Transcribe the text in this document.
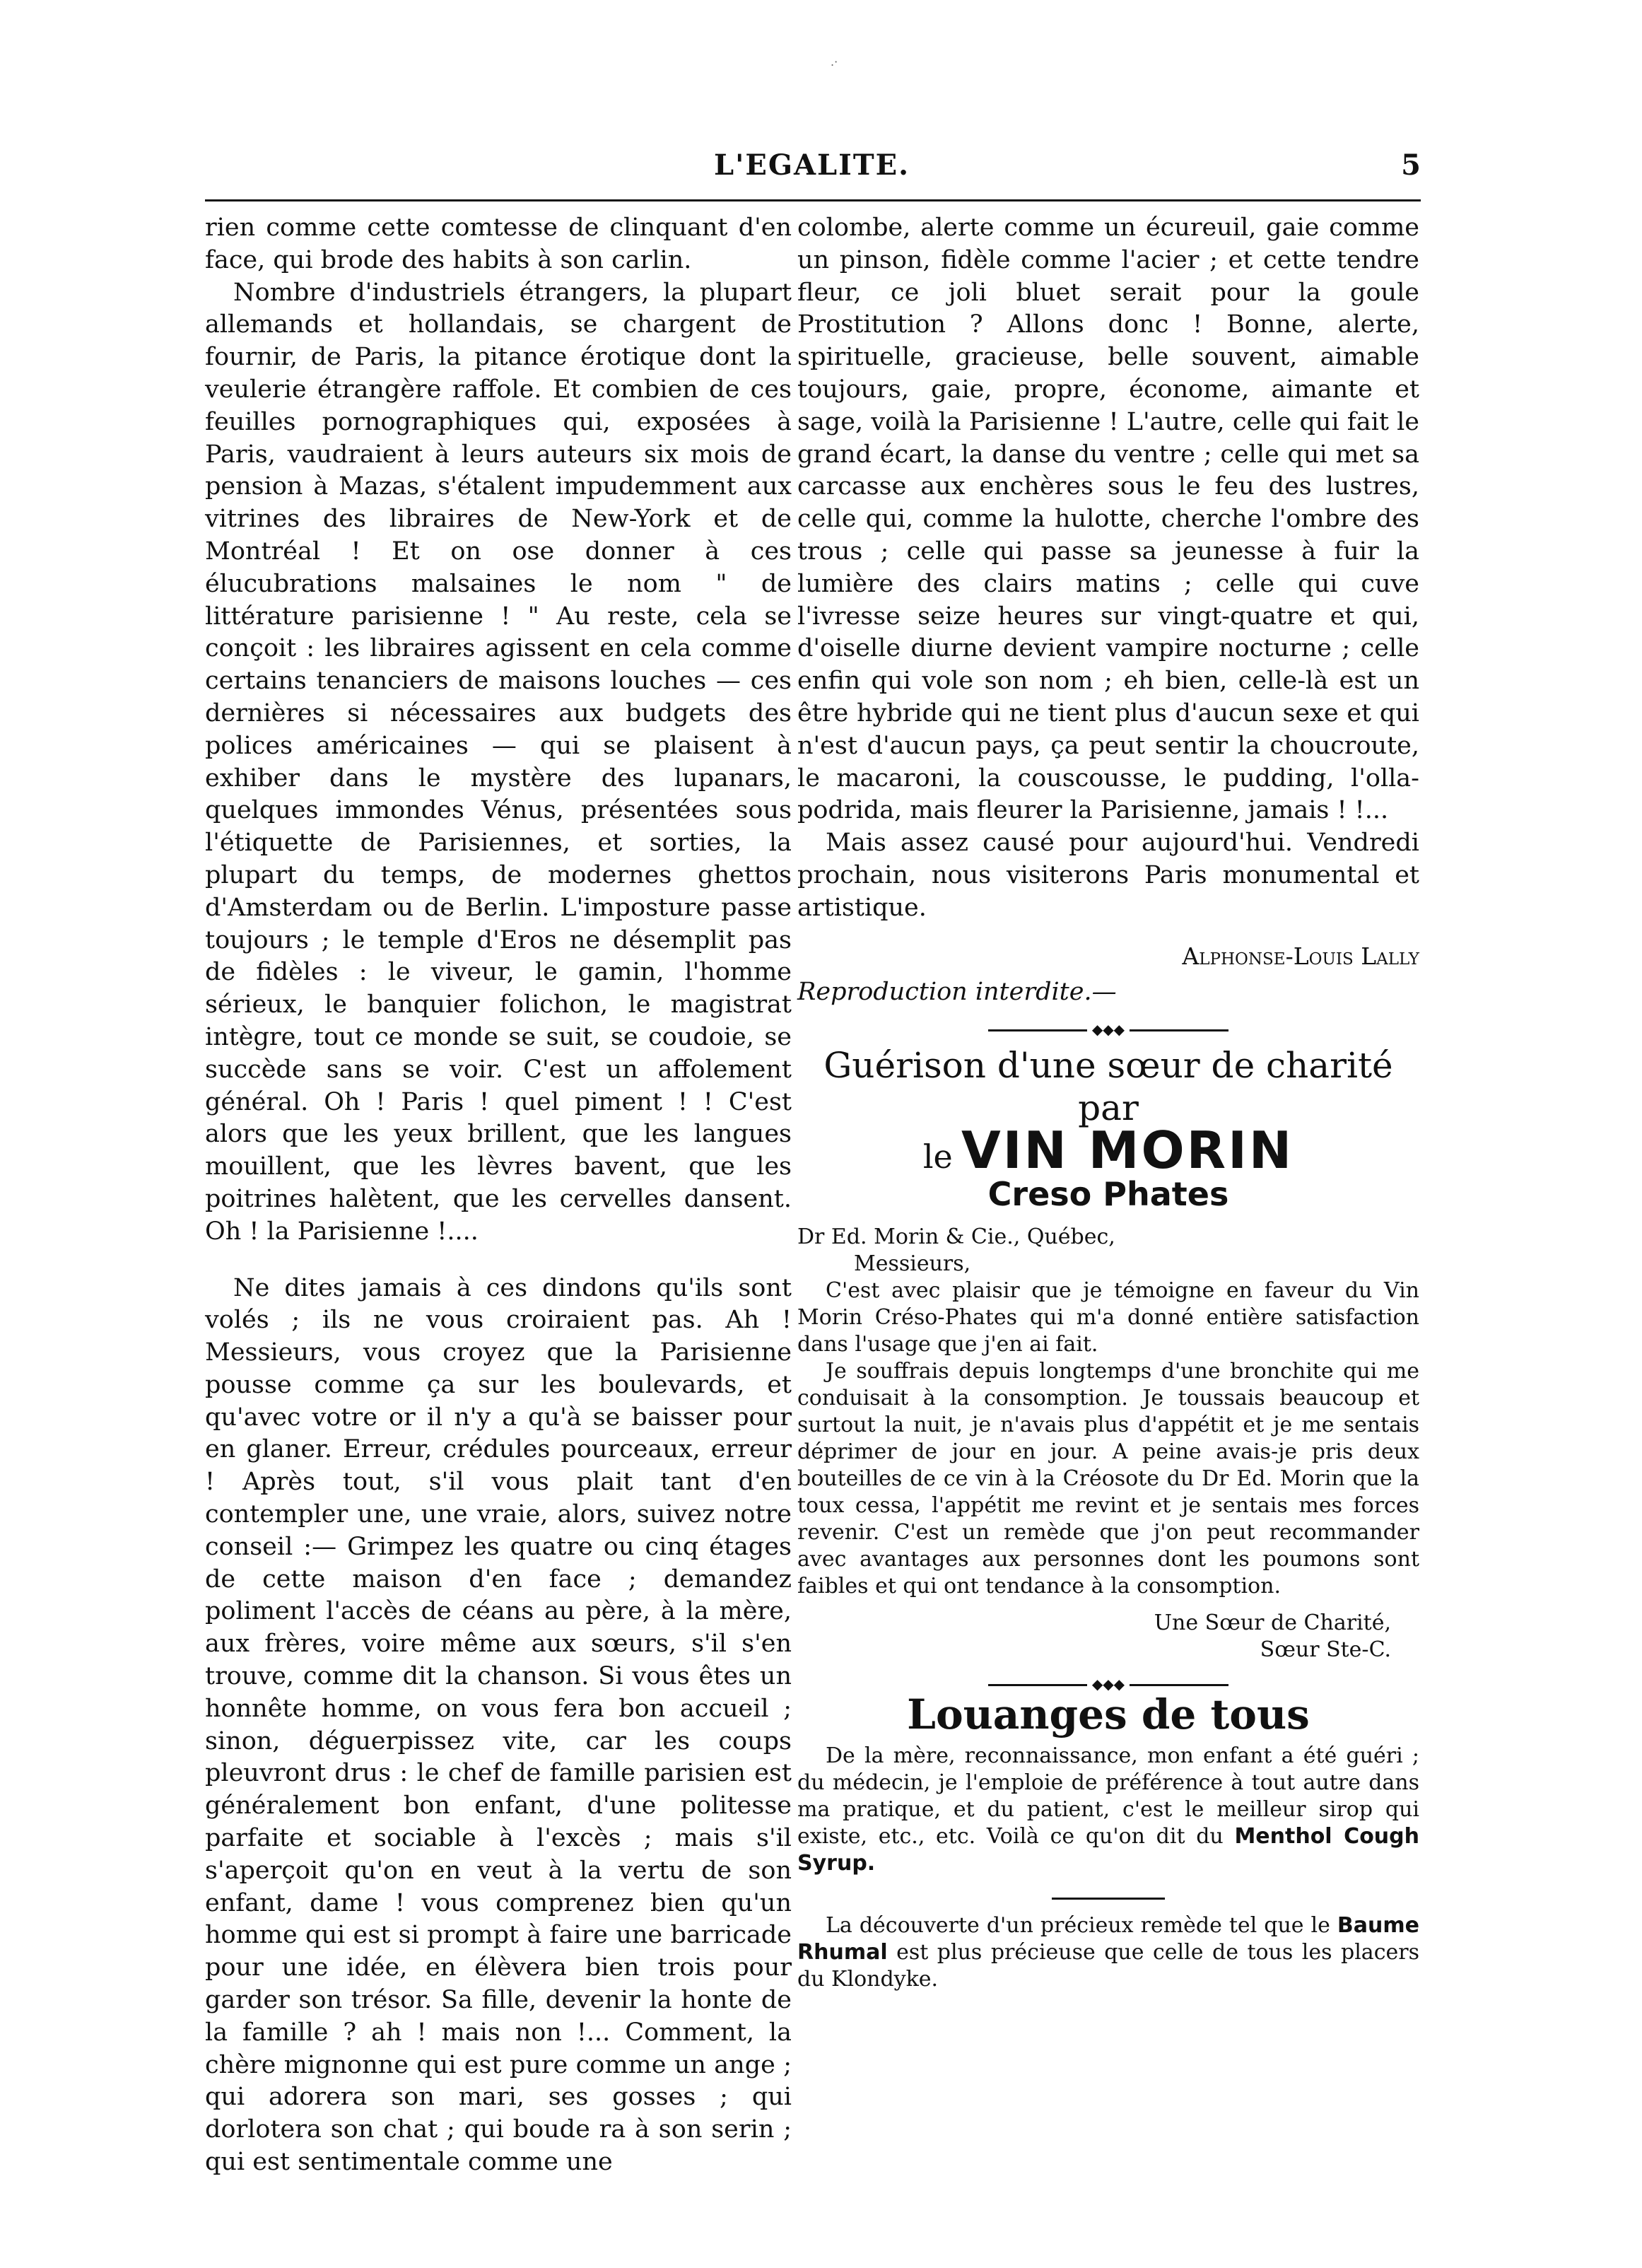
.·
L'EGALITE.	5

rien comme cette comtesse de clinquant d'en face, qui brode des habits à son carlin.

Nombre d'industriels étrangers, la plupart allemands et hollandais, se chargent de fournir, de Paris, la pitance érotique dont la veulerie étrangère raffole. Et combien de ces feuilles pornographiques qui, exposées à Paris, vaudraient à leurs auteurs six mois de pension à Mazas, s'étalent impudemment aux vitrines des libraires de New-York et de Montréal ! Et on ose donner à ces élucubrations malsaines le nom " de littérature parisienne ! " Au reste, cela se conçoit : les libraires agissent en cela comme certains tenanciers de maisons louches — ces dernières si nécessaires aux budgets des polices américaines — qui se plaisent à exhiber dans le mystère des lupanars, quelques immondes Vénus, présentées sous l'étiquette de Parisiennes, et sorties, la plupart du temps, de modernes ghettos d'Amsterdam ou de Berlin. L'imposture passe toujours ; le temple d'Eros ne désemplit pas de fidèles : le viveur, le gamin, l'homme sérieux, le banquier folichon, le magistrat intègre, tout ce monde se suit, se coudoie, se succède sans se voir. C'est un affolement général. Oh ! Paris ! quel piment ! ! C'est alors que les yeux brillent, que les langues mouillent, que les lèvres bavent, que les poitrines halètent, que les cervelles dansent. Oh ! la Parisienne !....

Ne dites jamais à ces dindons qu'ils sont volés ; ils ne vous croiraient pas. Ah ! Messieurs, vous croyez que la Parisienne pousse comme ça sur les boulevards, et qu'avec votre or il n'y a qu'à se baisser pour en glaner. Erreur, crédules pourceaux, erreur ! Après tout, s'il vous plait tant d'en contempler une, une vraie, alors, suivez notre conseil :— Grimpez les quatre ou cinq étages de cette maison d'en face ; demandez poliment l'accès de céans au père, à la mère, aux frères, voire même aux sœurs, s'il s'en trouve, comme dit la chanson. Si vous êtes un honnête homme, on vous fera bon accueil ; sinon, déguerpissez vite, car les coups pleuvront drus : le chef de famille parisien est généralement bon enfant, d'une politesse parfaite et sociable à l'excès ; mais s'il s'aperçoit qu'on en veut à la vertu de son enfant, dame ! vous comprenez bien qu'un homme qui est si prompt à faire une barricade pour une idée, en élèvera bien trois pour garder son trésor. Sa fille, devenir la honte de la famille ? ah ! mais non !... Comment, la chère mignonne qui est pure comme un ange ; qui adorera son mari, ses gosses ; qui dorlotera son chat ; qui boude ra à son serin ; qui est sentimentale comme une

colombe, alerte comme un écureuil, gaie comme un pinson, fidèle comme l'acier ; et cette tendre fleur, ce joli bluet serait pour la goule Prostitution ? Allons donc ! Bonne, alerte, spirituelle, gracieuse, belle souvent, aimable toujours, gaie, propre, économe, aimante et sage, voilà la Parisienne ! L'autre, celle qui fait le grand écart, la danse du ventre ; celle qui met sa carcasse aux enchères sous le feu des lustres, celle qui, comme la hulotte, cherche l'ombre des trous ; celle qui passe sa jeunesse à fuir la lumière des clairs matins ; celle qui cuve l'ivresse seize heures sur vingt-quatre et qui, d'oiselle diurne devient vampire nocturne ; celle enfin qui vole son nom ; eh bien, celle-là est un être hybride qui ne tient plus d'aucun sexe et qui n'est d'aucun pays, ça peut sentir la choucroute, le macaroni, la couscousse, le pudding, l'olla-podrida, mais fleurer la Parisienne, jamais ! !...

Mais assez causé pour aujourd'hui. Vendredi prochain, nous visiterons Paris monumental et artistique.

Alphonse-Louis Lally
Reproduction interdite.—
◆◆◆
Guérison d'une sœur de charité par
le VIN MORIN
Creso Phates

Dr Ed. Morin & Cie., Québec,

Messieurs,

C'est avec plaisir que je témoigne en faveur du Vin Morin Créso-Phates qui m'a donné entière satisfaction dans l'usage que j'en ai fait.

Je souffrais depuis longtemps d'une bronchite qui me conduisait à la consomption. Je toussais beaucoup et surtout la nuit, je n'avais plus d'appétit et je me sentais déprimer de jour en jour. A peine avais-je pris deux bouteilles de ce vin à la Créosote du Dr Ed. Morin que la toux cessa, l'appétit me revint et je sentais mes forces revenir. C'est un remède que j'on peut recommander avec avantages aux personnes dont les poumons sont faibles et qui ont tendance à la consomption.

Une Sœur de Charité,
Sœur Ste-C.
◆◆◆
Louanges de tous
De la mère, reconnaissance, mon enfant a été guéri ; du médecin, je l'emploie de préférence à tout autre dans ma pratique, et du patient, c'est le meilleur sirop qui existe, etc., etc. Voilà ce qu'on dit du Menthol Cough Syrup.
La découverte d'un précieux remède tel que le Baume Rhumal est plus précieuse que celle de tous les placers du Klondyke.
